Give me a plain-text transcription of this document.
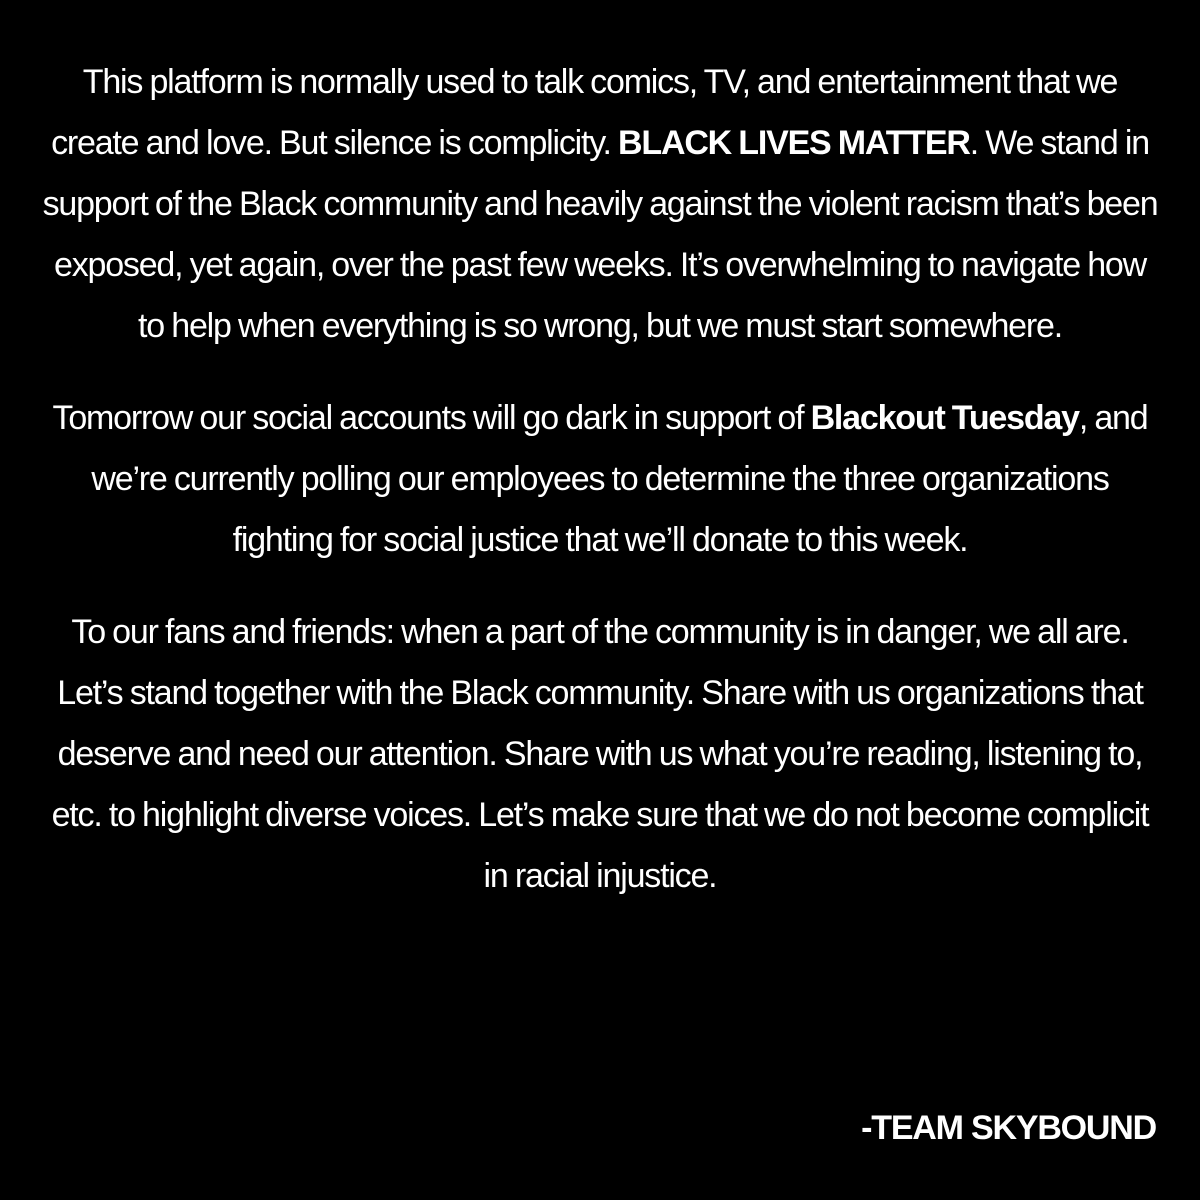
This platform is normally used to talk comics, TV, and entertainment that we create and love. But silence is complicity. BLACK LIVES MATTER. We stand in support of the Black community and heavily against the violent racism that’s been exposed, yet again, over the past few weeks. It’s overwhelming to navigate how to help when everything is so wrong, but we must start somewhere.

Tomorrow our social accounts will go dark in support of Blackout Tuesday, and we’re currently polling our employees to determine the three organizations fighting for social justice that we’ll donate to this week.

To our fans and friends: when a part of the community is in danger, we all are. Let’s stand together with the Black community. Share with us organizations that deserve and need our attention. Share with us what you’re reading, listening to, etc. to highlight diverse voices. Let’s make sure that we do not become complicit in racial injustice.

-TEAM SKYBOUND
